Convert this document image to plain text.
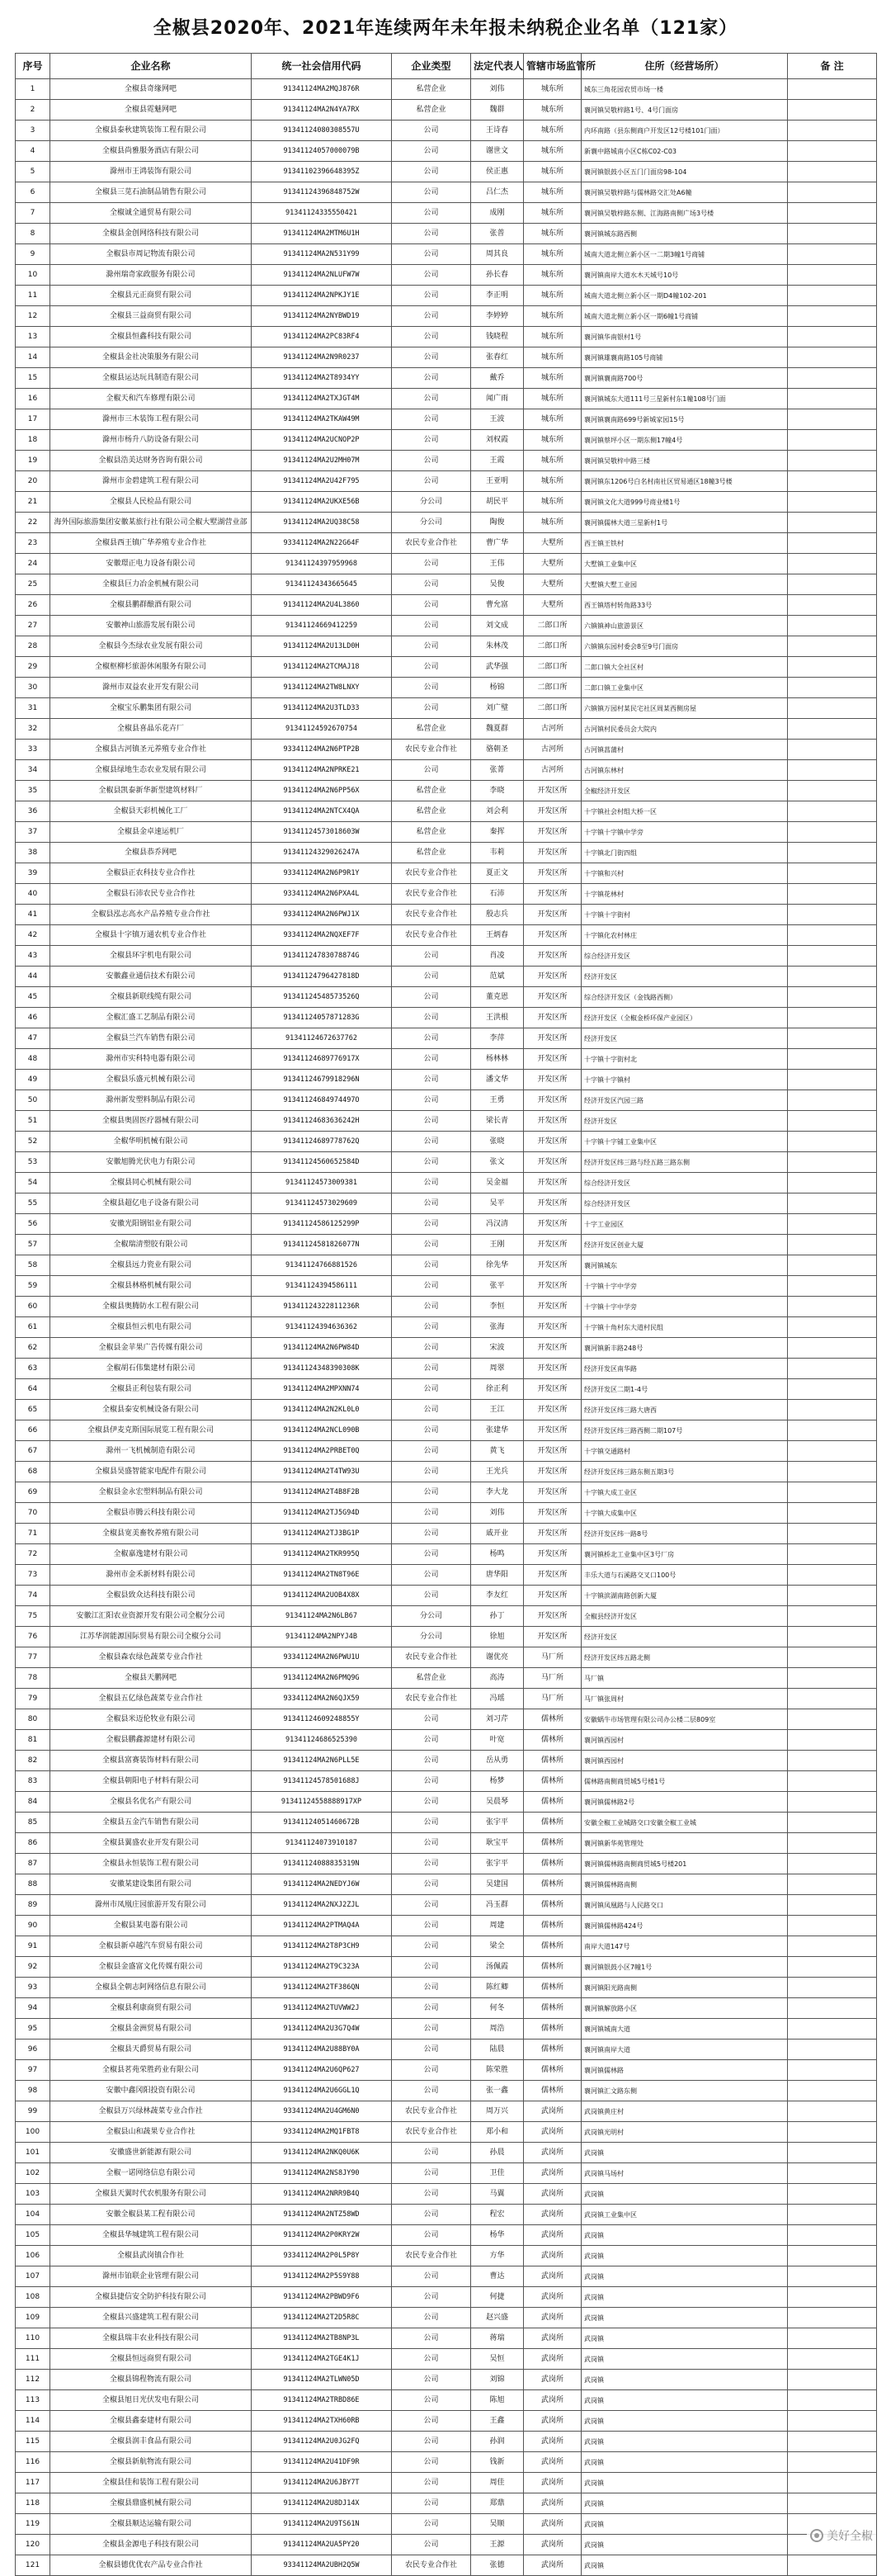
全椒县2020年、2021年连续两年未年报未纳税企业名单（121家）
序号	企业名称	统一社会信用代码	企业类型	法定代表人	管辖市场监管所	住所（经营场所）	备 注
1	全椒县奇缘网吧	91341124MA2MQJ876R	私营企业	刘伟	城东所	城东三角花园农贸市场一楼	
2	全椒县霓魅网吧	91341124MA2N4YA7RX	私营企业	魏群	城东所	襄河镇吴敬梓路1号、4号门面房	
3	全椒县泰秋建筑装饰工程有限公司	91341124080308557U	公司	王诗春	城东所	内环南路（县东侧商户开发区12号楼101门面）	
4	全椒县尚雅服务酒店有限公司	91341124057000079B	公司	谢世文	城东所	新襄中路城南小区C栋C02-C03	
5	滁州市王鸿装饰有限公司	91341102396648395Z	公司	侯正惠	城东所	襄河镇银鼓小区五门门面房98-104	
6	全椒县三苋石油制品销售有限公司	91341124396848752W	公司	吕仁杰	城东所	襄河镇吴敬梓路与儒林路交汇处A6幢	
7	全椒诚全通贸易有限公司	91341124335550421	公司	成刚	城东所	襄河镇吴敬梓路东侧、江海路南侧广场3号楼	
8	全椒县金创网络科技有限公司	91341124MA2MTM6U1H	公司	张普	城东所	襄河镇城东路西侧	
9	全椒县市周记物流有限公司	91341124MA2N531Y99	公司	周其良	城东所	城南大道北侧立新小区一二期3幢1号商铺	
10	滁州瑞奇家政服务有限公司	91341124MA2NLUFW7W	公司	孙长春	城东所	襄河镇南岸大道水木天城号10号	
11	全椒县元正商贸有限公司	91341124MA2NPKJY1E	公司	李正明	城东所	城南大道北侧立新小区一期D4幢102-201	
12	全椒县三益商贸有限公司	91341124MA2NYBWD19	公司	李婷婷	城东所	城南大道北侧立新小区一期6幢1号商铺	
13	全椒县恒鑫科技有限公司	91341124MA2PC83RF4	公司	钱晓程	城东所	襄河镇华南银村1号	
14	全椒县金社决策服务有限公司	91341124MA2N9R0237	公司	张春红	城东所	襄河镇雄襄南路105号商铺	
15	全椒县运达玩具制造有限公司	91341124MA2T8934YY	公司	戴乔	城东所	襄河镇襄南路700号	
16	全椒天和汽车修理有限公司	91341124MA2TXJGT4M	公司	闻广雨	城东所	襄河镇城东大道111号三星新村东1幢108号门面	
17	滁州市三木装饰工程有限公司	91341124MA2TKAW49M	公司	王波	城东所	襄河镇襄南路699号新城家园15号	
18	滁州市杨升八防设备有限公司	91341124MA2UCNOP2P	公司	刘权霞	城东所	襄河镇蔡坪小区一期东侧17幢4号	
19	全椒县浩美达财务咨询有限公司	91341124MA2U2MH07M	公司	王霞	城东所	襄河镇吴敬梓中路三楼	
20	滁州市金碧建筑工程有限公司	91341124MA2U42F795	公司	王亚明	城东所	襄河镇东1206号白名村南社区贸易通区18幢3号楼	
21	全椒县人民检品有限公司	91341124MA2UKXE56B	分公司	胡民平	城东所	襄河镇文化大道999号商业楼1号	
22	海外国际旅游集团安徽某旅行社有限公司全椒大墅湖营业部	91341124MA2UQ38C58	分公司	陶俊	城东所	襄河镇儒林大道三星新村1号	
23	全椒县西王镇广华养殖专业合作社	93341124MA2N22G64F	农民专业合作社	曹广华	大墅所	西王镇王铁村	
24	安徽璟正电力设备有限公司	91341124397959968	公司	王伟	大墅所	大墅镇工业集中区	
25	全椒县巨力冶金机械有限公司	91341124343665645	公司	吴俊	大墅所	大墅镇大墅工业园	
26	全椒县鹏群酿酒有限公司	91341124MA2U4L3860	公司	曹允富	大墅所	西王镇塔村转角路33号	
27	安徽神山旅游发展有限公司	91341124669412259	公司	刘文成	二郎口所	六镇镇神山旅游景区	
28	全椒县今杰绿农业发展有限公司	91341124MA2U13LD0H	公司	朱林茂	二郎口所	六镇镇东园村委会8至9号门面房	
29	全椒枢柳杉旅游休闲服务有限公司	91341124MA2TCMAJ18	公司	武华强	二郎口所	二郎口镇大全社区村	
30	滁州市双益农业开发有限公司	91341124MA2TW8LNXY	公司	杨锦	二郎口所	二郎口镇工业集中区	
31	全椒宝乐鹏集团有限公司	91341124MA2U3TLD33	公司	刘广璧	二郎口所	六镇镇万园村某民宅社区周某西侧房屋	
32	全椒县喜晶乐花卉厂	91341124592670754	私营企业	魏夏群	古河所	古河镇村民委员会大院内	
33	全椒县古河镇圣元养殖专业合作社	93341124MA2N6PTP2B	农民专业合作社	骆朝圣	古河所	古河镇菖蒲村	
34	全椒县绿地生态农业发展有限公司	91341124MA2NPRKE21	公司	张菁	古河所	古河镇东林村	
35	全椒县凯泰新华新型建筑材料厂	91341124MA2N6PP56X	私营企业	李晓	开发区所	全椒经济开发区	
36	全椒县天彩机械化工厂	91341124MA2NTCX4QA	私营企业	刘会利	开发区所	十字镇社会村组大桥一区	
37	全椒县金卓速运机厂	91341124573018603W	私营企业	秦挥	开发区所	十字镇十字镇中学旁	
38	全椒县恭乔网吧	91341124329026247A	私营企业	韦莉	开发区所	十字镇北门街四组	
39	全椒县正农科技专业合作社	93341124MA2N6P9R1Y	农民专业合作社	夏正文	开发区所	十字镇和兴村	
40	全椒县石沛农民专业合作社	93341124MA2N6PXA4L	农民专业合作社	石沛	开发区所	十字镇花林村	
41	全椒县泓志高水产品养殖专业合作社	93341124MA2N6PWJ1X	农民专业合作社	殷志兵	开发区所	十字镇十字街村	
42	全椒县十字镇万通农机专业合作社	93341124MA2NQXEF7F	农民专业合作社	王炳春	开发区所	十字镇化农村林庄	
43	全椒县环宇机电有限公司	91341124783078874G	公司	肖凌	开发区所	综合经济开发区	
44	安徽鑫业通信技术有限公司	91341124796427818D	公司	范斌	开发区所	经济开发区	
45	全椒县新联线缆有限公司	91341124548573526Q	公司	董克恩	开发区所	综合经济开发区（金钱路西侧）	
46	全椒汇盛工艺制品有限公司	91341124057871283G	公司	王洪根	开发区所	经济开发区（全椒金桥环保产业园区）	
47	全椒县兰汽车销售有限公司	91341124672637762	公司	李萍	开发区所	经济开发区	
48	滁州市实科特电器有限公司	91341124689776917X	公司	杨林林	开发区所	十字镇十字街村北	
49	全椒县乐盛元机械有限公司	91341124679918296N	公司	潘文华	开发区所	十字镇十字镇村	
50	滁州新发塑料制品有限公司	91341124684974497O	公司	王勇	开发区所	经济开发区汽园三路	
51	全椒县奥固医疗器械有限公司	91341124683636242H	公司	梁长青	开发区所	经济开发区	
52	全椒华明机械有限公司	91341124689778762Q	公司	张晓	开发区所	十字镇十字铺工业集中区	
53	安徽旭腾光伏电力有限公司	91341124560652584D	公司	张文	开发区所	经济开发区纬三路与经五路三路东侧	
54	全椒县同心机械有限公司	91341124573009381	公司	吴金福	开发区所	综合经济开发区	
55	全椒县超亿电子设备有限公司	91341124573029609	公司	吴平	开发区所	综合经济开发区	
56	安徽光阳钢铝业有限公司	91341124586125299P	公司	冯汉清	开发区所	十字工业园区	
57	全椒瑞清塑胶有限公司	91341124581826077N	公司	王刚	开发区所	经济开发区创业大厦	
58	全椒县远力瓷业有限公司	91341124766881526	公司	徐先华	开发区所	襄河镇城东	
59	全椒县林格机械有限公司	91341124394586111	公司	张平	开发区所	十字镇十字中学旁	
60	全椒县奥腾防水工程有限公司	91341124322811236R	公司	李恒	开发区所	十字镇十字中学旁	
61	全椒县恒云机电有限公司	91341124394636362	公司	张海	开发区所	十字镇十角村东大道村民组	
62	全椒县金苹果广告传媒有限公司	91341124MA2N6PW84D	公司	宋波	开发区所	襄河镇新丰路248号	
63	全椒胡石伟集建材有限公司	91341124348390308K	公司	周翠	开发区所	经济开发区南华路	
64	全椒县正利包装有限公司	91341124MA2MPXNN74	公司	徐正利	开发区所	经济开发区二期1-4号	
65	全椒县泰安机械设备有限公司	91341124MA2N2KL0L0	公司	王江	开发区所	经济开发区纬三路大唐西	
66	全椒县伊麦克斯国际展览工程有限公司	91341124MA2NCL090B	公司	张建华	开发区所	经济开发区纬三路西侧二期107号	
67	滁州一飞机械制造有限公司	91341124MA2PRBET0Q	公司	黄飞	开发区所	十字镇交通路村	
68	全椒县昊盛智能家电配件有限公司	91341124MA2T4TW93U	公司	王光兵	开发区所	经济开发区纬三路东侧五期3号	
69	全椒县金永宏塑料制品有限公司	91341124MA2T4B8F2B	公司	李大龙	开发区所	十字镇大成工业区	
70	全椒县市腾云科技有限公司	91341124MA2TJ5G94D	公司	刘伟	开发区所	十字镇大成集中区	
71	全椒县宽美畜牧养殖有限公司	91341124MA2TJ3BG1P	公司	戚开业	开发区所	经济开发区纬一路8号	
72	全椒嘉逸建材有限公司	91341124MA2TKR995Q	公司	杨鸣	开发区所	襄河镇桥北工业集中区3号厂房	
73	滁州市金禾新材料有限公司	91341124MA2TN8T96E	公司	唐华阳	开发区所	丰乐大道与石溪路交叉口100号	
74	全椒县致众达科技有限公司	91341124MA2UOB4X8X	公司	李友红	开发区所	十字镇滨湖南路创新大厦	
75	安徽江汇阳农业资源开发有限公司全椒分公司	91341124MA2N6LB67	分公司	孙丁	开发区所	全椒县经济开发区	
76	江苏华润能源国际贸易有限公司全椒分公司	91341124MA2NPYJ4B	分公司	徐旭	开发区所	经济开发区	
77	全椒县森农绿色蔬菜专业合作社	93341124MA2N6PWU1U	农民专业合作社	谢优亮	马厂所	经济开发区纬五路北侧	
78	全椒县天鹏网吧	91341124MA2N6PMQ9G	私营企业	高涛	马厂所	马厂镇	
79	全椒县五亿绿色蔬菜专业合作社	93341124MA2N6QJX59	农民专业合作社	冯瑶	马厂所	马厂镇张周村	
80	全椒县米迈伦牧业有限公司	91341124609248855Y	公司	刘习芹	儒林所	安徽蜗牛市场管理有限公司办公楼二层809室	
81	全椒县鹏鑫源建材有限公司	91341124686525390	公司	叶宽	儒林所	襄河镇西园村	
82	全椒县富赛装饰材料有限公司	91341124MA2N6PLL5E	公司	岳从勇	儒林所	襄河镇西园村	
83	全椒县朝阳电子材料有限公司	91341124578501688J	公司	杨梦	儒林所	儒林路南侧商贸城5号楼1号	
84	全椒县名优名产有限公司	91341124558888917XP	公司	吴晨琴	儒林所	襄河镇儒林路2号	
85	全椒县五金汽车销售有限公司	91341124051460672B	公司	张宇平	儒林所	安徽全椒工业城路交口安徽全椒工业城	
86	全椒县翼盛农业开发有限公司	91341124073910187	公司	耿宝平	儒林所	襄河镇新华苑管理处	
87	全椒县永恒装饰工程有限公司	91341124088835319N	公司	张宇平	儒林所	襄河镇儒林路南侧商贸城5号楼201	
88	安徽某建设集团有限公司	91341124MA2NEDYJ6W	公司	吴建国	儒林所	襄河镇儒林路南侧	
89	滁州市凤凰庄园旅游开发有限公司	91341124MA2NXJ2ZJL	公司	冯玉群	儒林所	襄河镇凤凰路与人民路交口	
90	全椒县某电器有限公司	91341124MA2PTMAQ4A	公司	周建	儒林所	襄河镇儒林路424号	
91	全椒县新卓越汽车贸易有限公司	91341124MA2T8P3CH9	公司	梁全	儒林所	南岸大道147号	
92	全椒县金盛富文化传媒有限公司	91341124MA2T9C323A	公司	汤佩霞	儒林所	襄河镇银鼓小区7幢1号	
93	全椒县全朝志阿网络信息有限公司	91341124MA2TF386QN	公司	陈红卿	儒林所	襄河镇阳光路南侧	
94	全椒县利康商贸有限公司	91341124MA2TUVWW2J	公司	何冬	儒林所	襄河镇解放路小区	
95	全椒县金洲贸易有限公司	91341124MA2U3G7Q4W	公司	周浩	儒林所	襄河镇城南大道	
96	全椒县天爵贸易有限公司	91341124MA2U88BY0A	公司	陆晨	儒林所	襄河镇南岸大道	
97	全椒县茗苑荣胜药业有限公司	91341124MA2U6QP627	公司	陈荣胜	儒林所	襄河镇儒林路	
98	安徽中鑫冈阳投资有限公司	91341124MA2U6GGL1Q	公司	张一鑫	儒林所	襄河镇汇文路东侧	
99	全椒县万兴绿林蔬菜专业合作社	93341124MA2U4GM6N0	农民专业合作社	周万兴	武岗所	武岗镇黄庄村	
100	全椒县山和蔬果专业合作社	93341124MA2MQ1FBT8	农民专业合作社	郑小和	武岗所	武岗镇光明村	
101	安徽盛世新能源有限公司	91341124MA2NKQ0U6K	公司	孙晨	武岗所	武岗镇	
102	全椒一诺网络信息有限公司	91341124MA2NS8JY90	公司	卫佳	武岗所	武岗镇马场村	
103	全椒县天翼时代农机服务有限公司	91341124MA2NRR9B4Q	公司	马翼	武岗所	武岗镇	
104	安徽全椒县某工程有限公司	91341124MA2NTZ58WD	公司	程宏	武岗所	武岗镇工业集中区	
105	全椒县华城建筑工程有限公司	91341124MA2P0KRY2W	公司	杨华	武岗所	武岗镇	
106	全椒县武岗镇合作社	93341124MA2P0L5P8Y	农民专业合作社	方华	武岗所	武岗镇	
107	滁州市铂联企业管理有限公司	91341124MA2P5S9Y88	公司	曹达	武岗所	武岗镇	
108	全椒县捷信安全防护科技有限公司	91341124MA2PBWD9F6	公司	何捷	武岗所	武岗镇	
109	全椒县兴盛建筑工程有限公司	91341124MA2T2D5R8C	公司	赵兴盛	武岗所	武岗镇	
110	全椒县瑞丰农业科技有限公司	91341124MA2TB8NP3L	公司	蒋瑞	武岗所	武岗镇	
111	全椒县恒远商贸有限公司	91341124MA2TGE4K1J	公司	吴恒	武岗所	武岗镇	
112	全椒县锦程物流有限公司	91341124MA2TLWN05D	公司	刘锦	武岗所	武岗镇	
113	全椒县旭日光伏发电有限公司	91341124MA2TRBD86E	公司	陈旭	武岗所	武岗镇	
114	全椒县鑫泰建材有限公司	91341124MA2TXH60RB	公司	王鑫	武岗所	武岗镇	
115	全椒县润丰食品有限公司	91341124MA2U0JG2FQ	公司	孙润	武岗所	武岗镇	
116	全椒县新航物流有限公司	91341124MA2U41DF9R	公司	钱新	武岗所	武岗镇	
117	全椒县佳和装饰工程有限公司	91341124MA2U6JBY7T	公司	周佳	武岗所	武岗镇	
118	全椒县鼎盛机械有限公司	91341124MA2U8DJ14X	公司	郑鼎	武岗所	武岗镇	
119	全椒县顺达运输有限公司	91341124MA2U9TS61N	公司	吴顺	武岗所	武岗镇	
120	全椒县金源电子科技有限公司	91341124MA2UA5PY20	公司	王源	武岗所	武岗镇	
121	全椒县德优优农产品专业合作社	93341124MA2UBH2Q5W	农民专业合作社	张德	武岗所	武岗镇	
美好全椒
